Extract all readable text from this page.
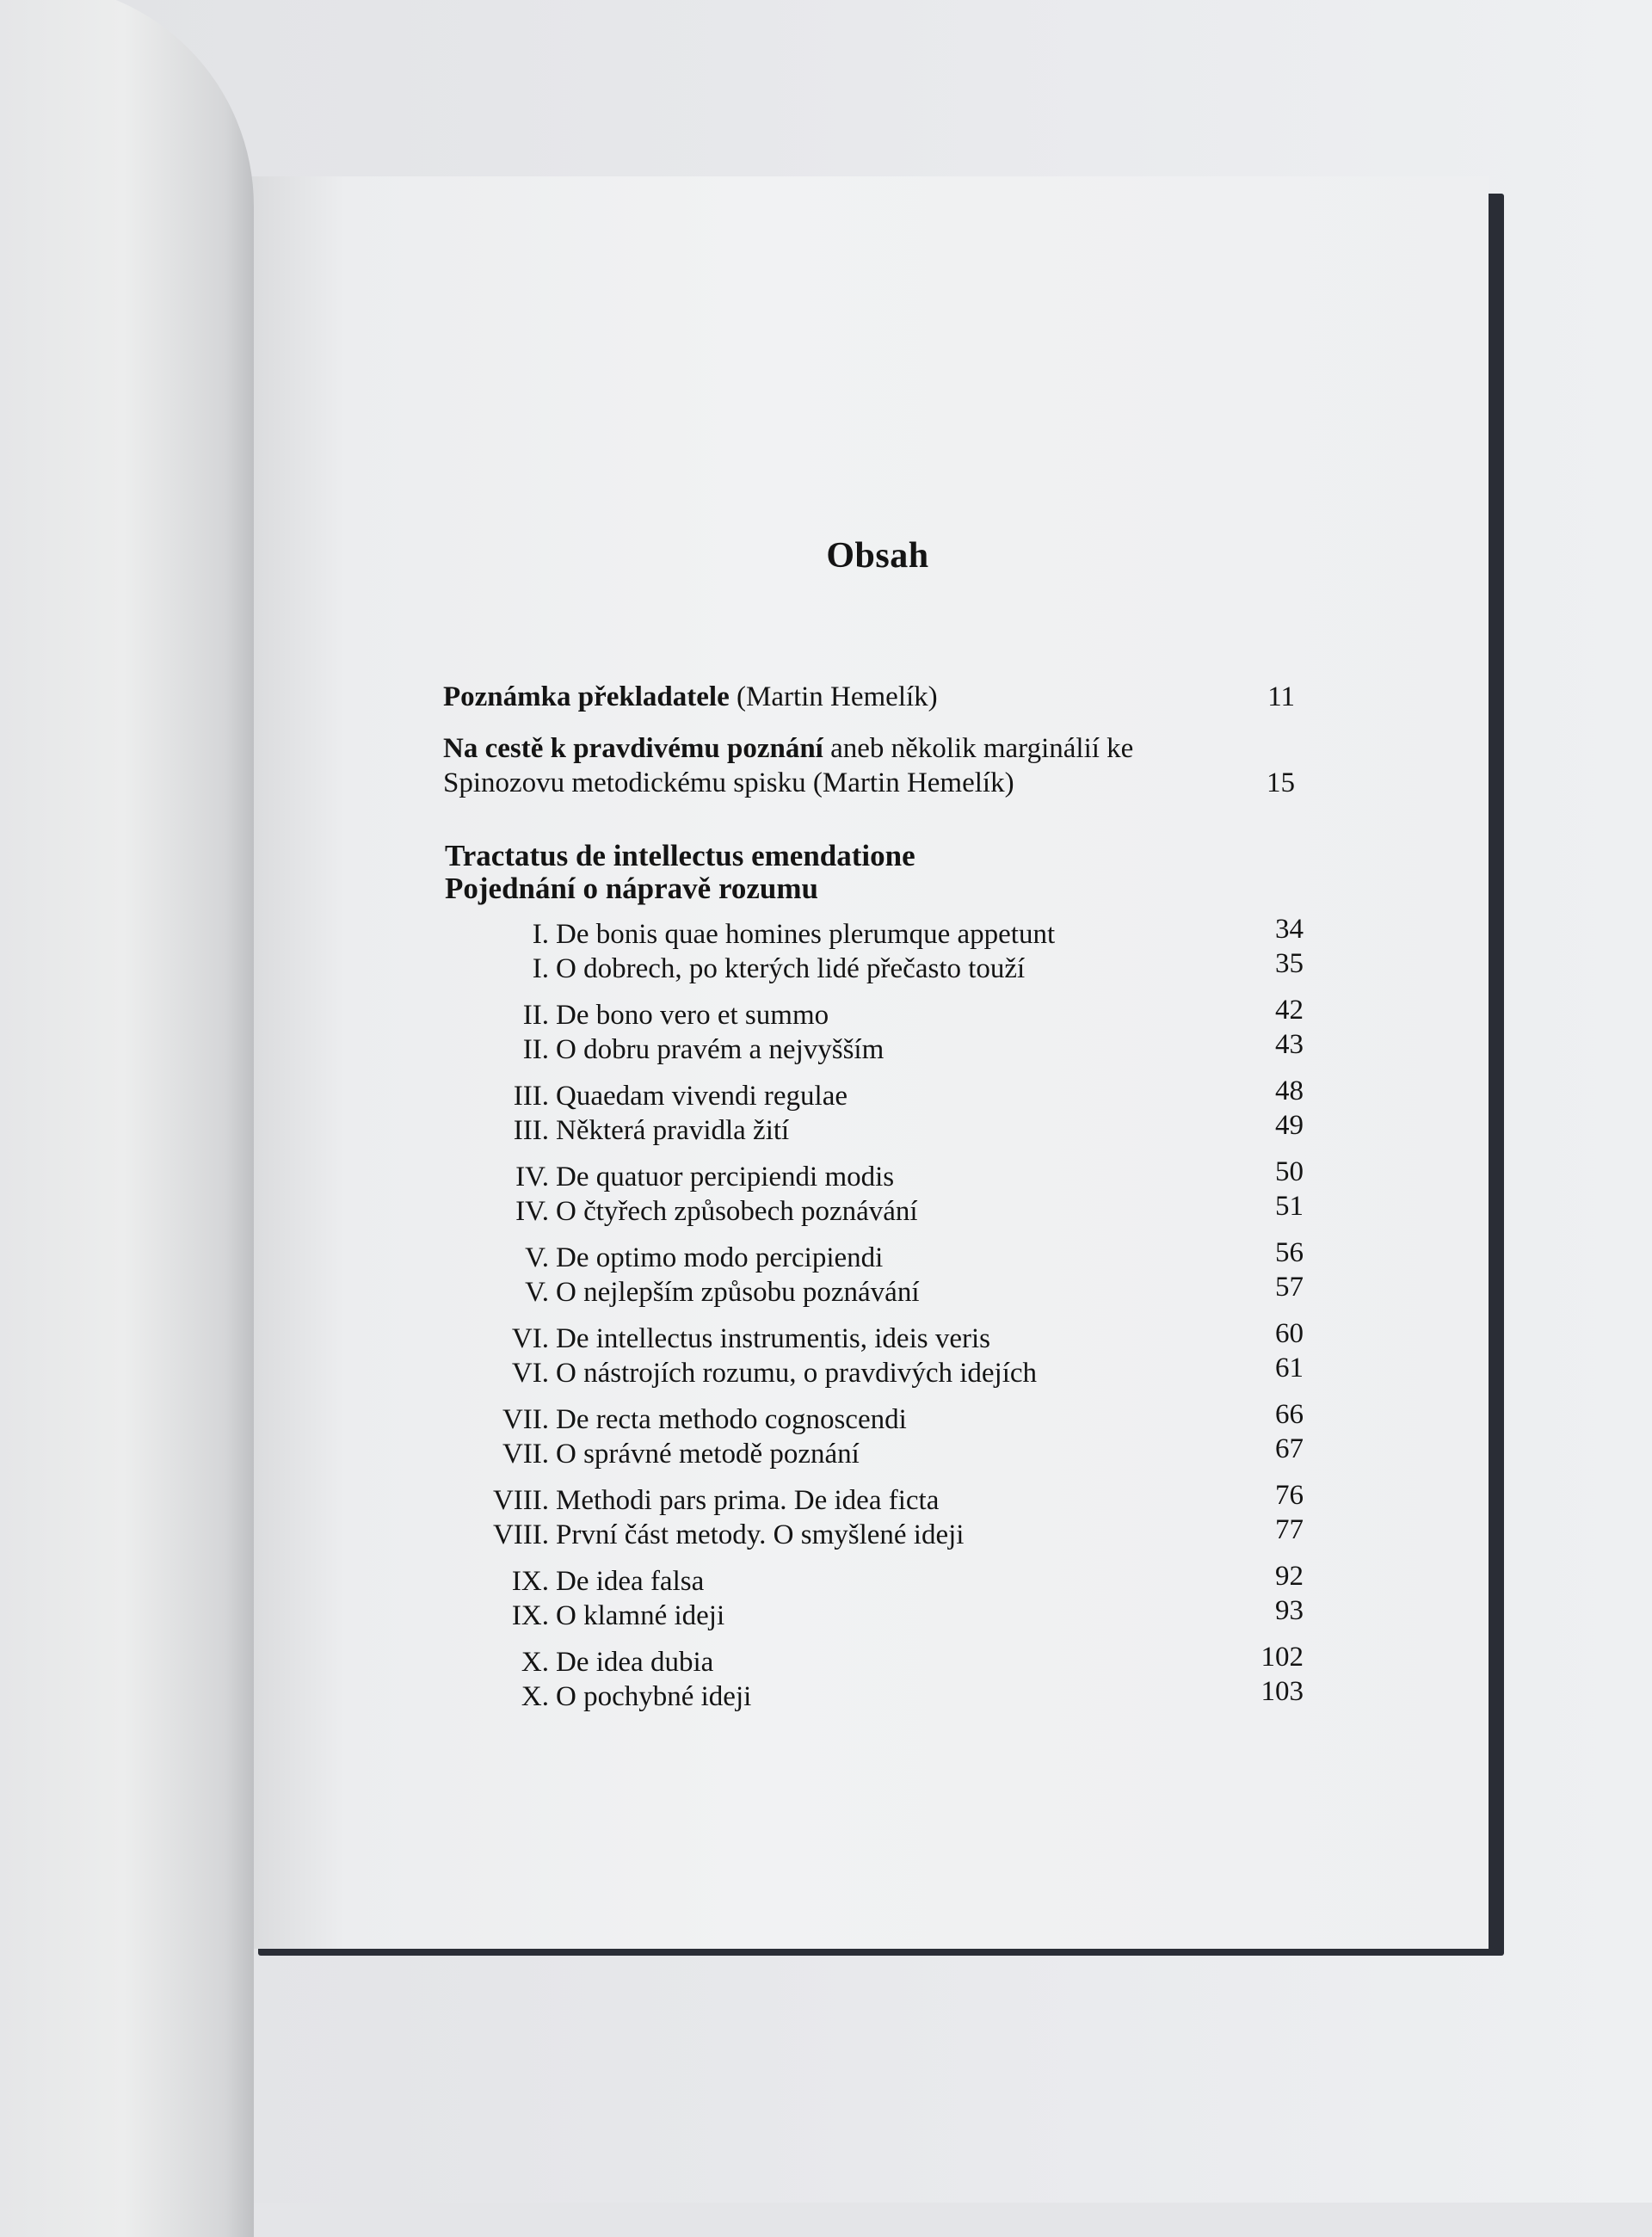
Obsah
Poznámka překladatele (Martin Hemelík)	11
Na cestě k pravdivému poznání aneb několik marginálií ke Spinozovu metodickému spisku (Martin Hemelík)	15
Tractatus de intellectus emendatione
Pojednání o nápravě rozumu
I. De bonis quae homines plerumque appetunt	34
I. O dobrech, po kterých lidé přečasto touží	35
II. De bono vero et summo	42
II. O dobru pravém a nejvyšším	43
III. Quaedam vivendi regulae	48
III. Některá pravidla žití	49
IV. De quatuor percipiendi modis	50
IV. O čtyřech způsobech poznávání	51
V. De optimo modo percipiendi	56
V. O nejlepším způsobu poznávání	57
VI. De intellectus instrumentis, ideis veris	60
VI. O nástrojích rozumu, o pravdivých idejích	61
VII. De recta methodo cognoscendi	66
VII. O správné metodě poznání	67
VIII. Methodi pars prima. De idea ficta	76
VIII. První část metody. O smyšlené ideji	77
IX. De idea falsa	92
IX. O klamné ideji	93
X. De idea dubia	102
X. O pochybné ideji	103
